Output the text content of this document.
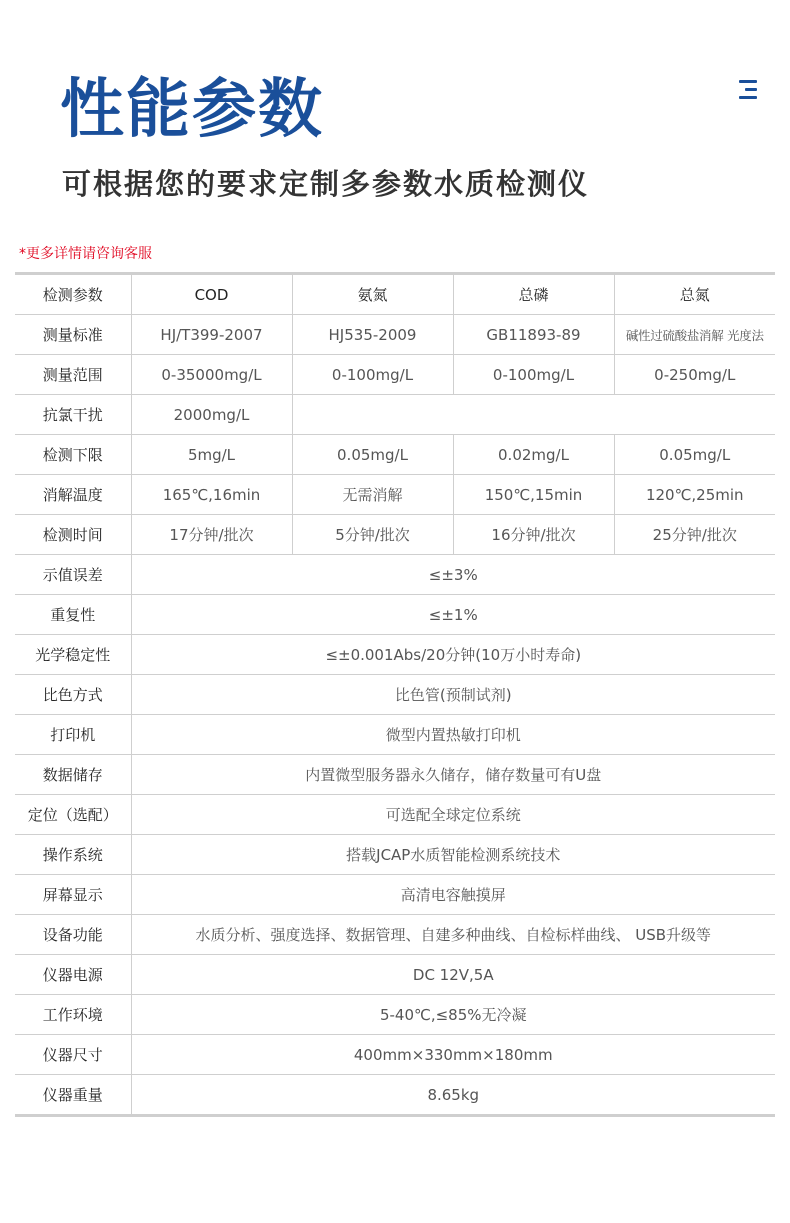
性能参数
可根据您的要求定制多参数水质检测仪
*更多详情请咨询客服
检测参数	COD	氨氮	总磷	总氮
测量标准	HJ/T399-2007	HJ535-2009	GB11893-89	碱性过硫酸盐消解 光度法
测量范围	0-35000mg/L	0-100mg/L	0-100mg/L	0-250mg/L
抗氯干扰	2000mg/L			
检测下限	5mg/L	0.05mg/L	0.02mg/L	0.05mg/L
消解温度	165℃,16min	无需消解	150℃,15min	120℃,25min
检测时间	17分钟/批次	5分钟/批次	16分钟/批次	25分钟/批次
示值误差	≤±3%			
重复性	≤±1%			
光学稳定性	≤±0.001Abs/20分钟(10万小时寿命)			
比色方式	比色管(预制试剂)			
打印机	微型内置热敏打印机			
数据储存	内置微型服务器永久储存，储存数量可有U盘			
定位（选配）	可选配全球定位系统			
操作系统	搭载JCAP水质智能检测系统技术			
屏幕显示	高清电容触摸屏			
设备功能	水质分析、强度选择、数据管理、自建多种曲线、自检标样曲线、 USB升级等			
仪器电源	DC 12V,5A			
工作环境	5-40℃,≤85%无冷凝			
仪器尺寸	400mm×330mm×180mm			
仪器重量	8.65kg			
